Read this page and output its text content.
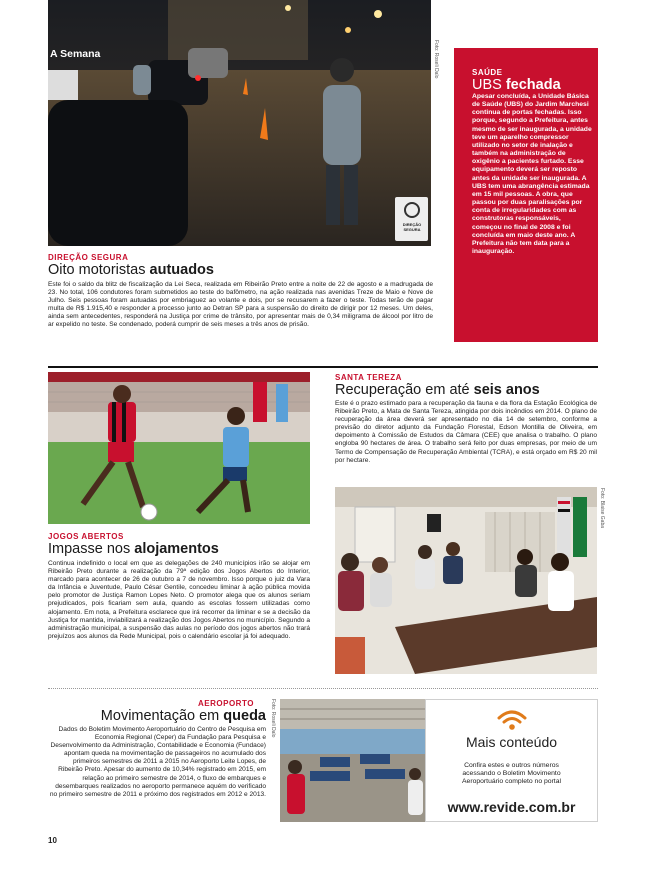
A Semana
DIREÇÃO SEGURA
Foto: Roseli Dalo
DIREÇÃO SEGURA
Oito motoristas autuados

Este foi o saldo da blitz de fiscalização da Lei Seca, realizada em Ribeirão Preto entre a noite de 22 de agosto e a madrugada de 23. No total, 106 condutores foram submetidos ao teste do bafômetro, na ação realizada nas avenidas Treze de Maio e Nove de Julho. Seis pessoas foram autuadas por embriaguez ao volante e dois, por se recusarem a fazer o teste. Todas terão de pagar multa de R$ 1.915,40 e responder a processo junto ao Detran SP para a suspensão do direito de dirigir por 12 meses. Um deles, ainda sem antecedentes, responderá na Justiça por crime de trânsito, por apresentar mais de 0,34 miligrama de álcool por litro de ar expelido no teste. Se condenado, poderá cumprir de seis meses a três anos de prisão.

SAÚDE
UBS fechada

Apesar concluída, a Unidade Básica de Saúde (UBS) do Jardim Marchesi continua de portas fechadas. Isso porque, segundo a Prefeitura, antes mesmo de ser inaugurada, a unidade teve um aparelho compressor utilizado no setor de inalação e também na administração de oxigênio a pacientes furtado. Esse equipamento deverá ser reposto antes da unidade ser inaugurada. A UBS tem uma abrangência estimada em 15 mil pessoas. A obra, que passou por duas paralisações por conta de irregularidades com as construtoras responsáveis, começou no final de 2008 e foi concluída em maio deste ano. A Prefeitura não tem data para a inauguração.

JOGOS ABERTOS
Impasse nos alojamentos

Continua indefinido o local em que as delegações de 240 municípios irão se alojar em Ribeirão Preto durante a realização da 79ª edição dos Jogos Abertos do Interior, marcado para acontecer de 26 de outubro a 7 de novembro. Isso porque o juiz da Vara da Infância e Juventude, Paulo César Gentile, concedeu liminar à ação pública movida pelo promotor de Justiça Ramon Lopes Neto. O promotor alega que os alunos seriam prejudicados, pois ficariam sem aula, quando as escolas fossem utilizadas como alojamento. Em nota, a Prefeitura esclarece que irá recorrer da liminar e se a decisão da Justiça for mantida, inviabilizará a realização dos Jogos Abertos no município. Segundo a administração municipal, a suspensão das aulas no período dos jogos abertos não trará prejuízos aos alunos da Rede Municipal, pois o calendário escolar já foi adequado.

SANTA TEREZA
Recuperação em até seis anos

Este é o prazo estimado para a recuperação da fauna e da flora da Estação Ecológica de Ribeirão Preto, a Mata de Santa Tereza, atingida por dois incêndios em 2014. O plano de recuperação da área deverá ser apresentado no dia 14 de setembro, conforme a previsão do diretor adjunto da Fundação Florestal, Edson Montilla de Oliveira, em depoimento à Comissão de Estudos da Câmara (CEE) que analisa o trabalho. O plano engloba 90 hectares de área. O trabalho será feito por duas empresas, por meio de um Termo de Compensação de Recuperação Ambiental (TCRA), e está orçado em R$ 20 mil por hectare.

Foto: Blaise Gaba
AEROPORTO
Movimentação em queda

Dados do Boletim Movimento Aeroportuário do Centro de Pesquisa em Economia Regional (Ceper) da Fundação para Pesquisa e Desenvolvimento da Administração, Contabilidade e Economia (Fundace) apontam queda na movimentação de passageiros no acumulado dos primeiros semestres de 2011 a 2015 no Aeroporto Leite Lopes, de Ribeirão Preto. Apesar do aumento de 10,34% registrado em 2015, em relação ao primeiro semestre de 2014, o fluxo de embarques e desembarques realizados no aeroporto permanece aquém do verificado no primeiro semestre de 2011 e próximo dos registrados em 2012 e 2013.

Foto: Roseli Dalo
Mais conteúdo

Confira estes e outros números acessando o Boletim Movimento Aeroportuário completo no portal

www.revide.com.br
10
